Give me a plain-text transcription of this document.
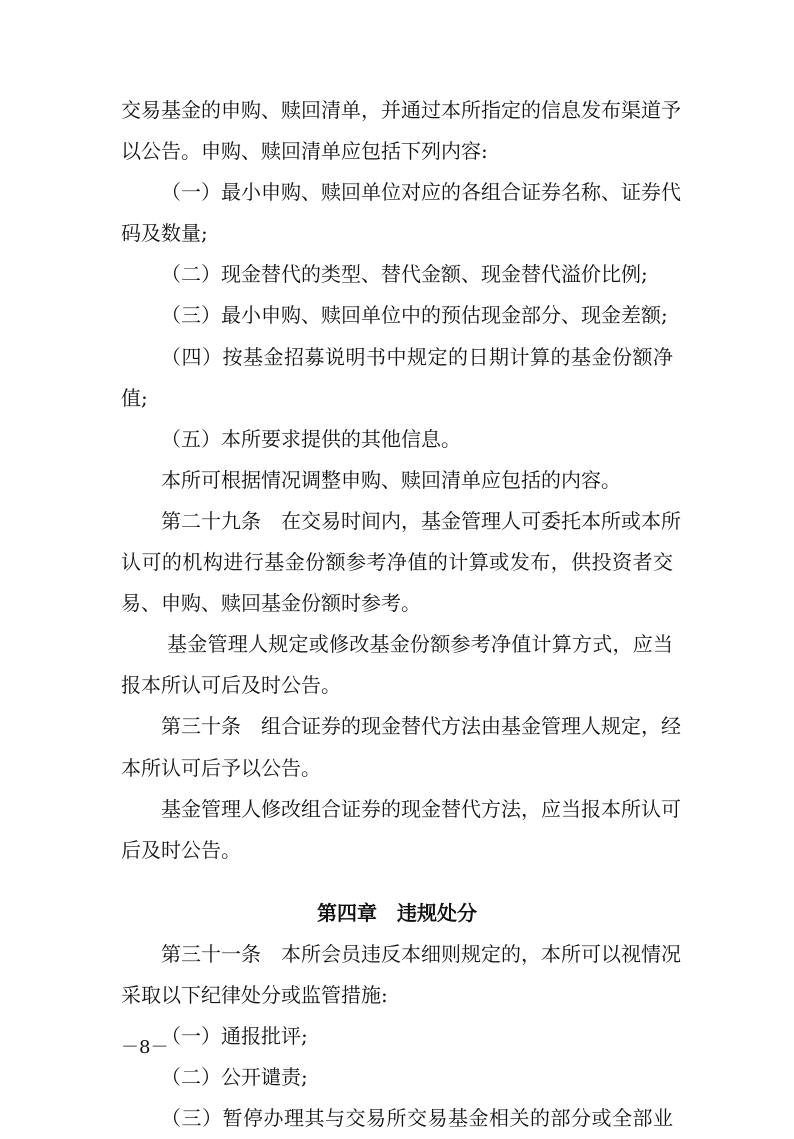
交易基金的申购、赎回清单，并通过本所指定的信息发布渠道予
以公告。申购、赎回清单应包括下列内容:
（一）最小申购、赎回单位对应的各组合证券名称、证券代
码及数量;
（二）现金替代的类型、替代金额、现金替代溢价比例;
（三）最小申购、赎回单位中的预估现金部分、现金差额;
（四）按基金招募说明书中规定的日期计算的基金份额净
值;
（五）本所要求提供的其他信息。
本所可根据情况调整申购、赎回清单应包括的内容。
第二十九条　在交易时间内，基金管理人可委托本所或本所
认可的机构进行基金份额参考净值的计算或发布，供投资者交
易、申购、赎回基金份额时参考。
基金管理人规定或修改基金份额参考净值计算方式，应当
报本所认可后及时公告。
第三十条　组合证券的现金替代方法由基金管理人规定，经
本所认可后予以公告。
基金管理人修改组合证券的现金替代方法，应当报本所认可
后及时公告。
第四章　违规处分
第三十一条　本所会员违反本细则规定的，本所可以视情况
采取以下纪律处分或监管措施:
（一）通报批评;
（二）公开谴责;
（三）暂停办理其与交易所交易基金相关的部分或全部业
－8－
